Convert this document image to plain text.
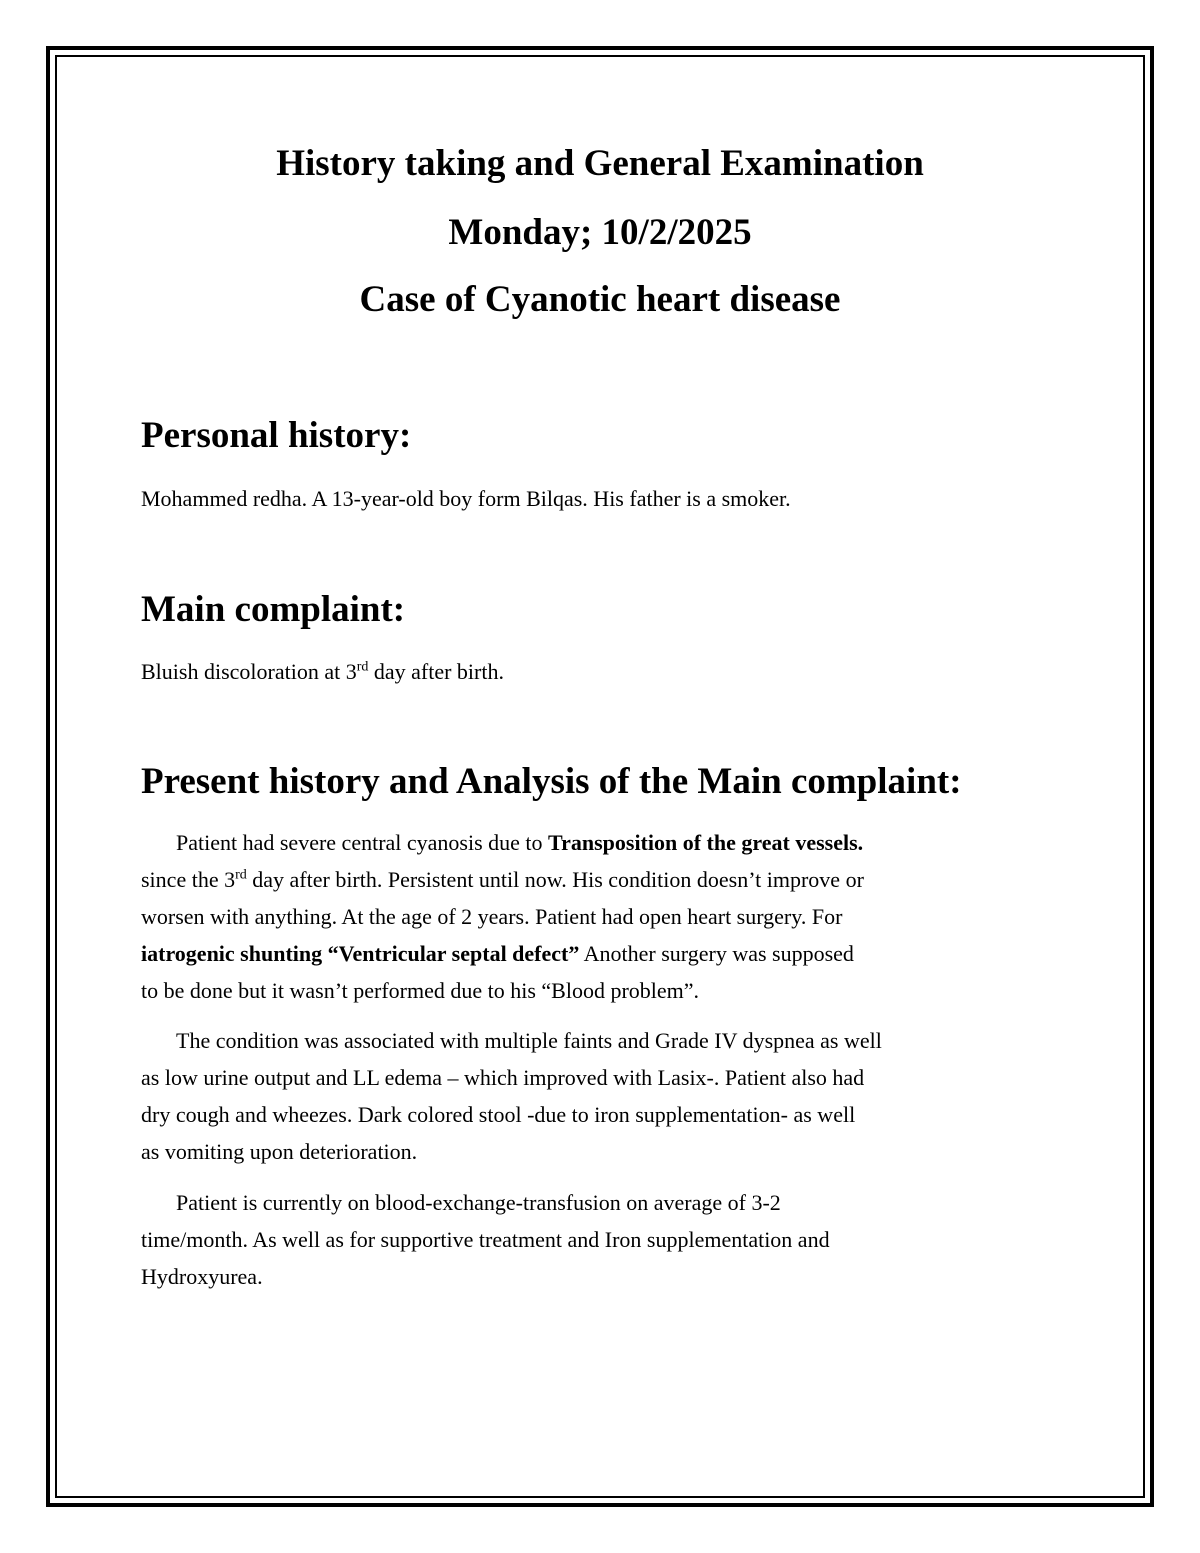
History taking and General Examination
Monday; 10/2/2025
Case of Cyanotic heart disease
Personal history:
Mohammed redha. A 13-year-old boy form Bilqas. His father is a smoker.
Main complaint:
Bluish discoloration at 3rd day after birth.
Present history and Analysis of the Main complaint:
Patient had severe central cyanosis due to Transposition of the great vessels.
since the 3rd day after birth. Persistent until now. His condition doesn’t improve or
worsen with anything. At the age of 2 years. Patient had open heart surgery. For
iatrogenic shunting “Ventricular septal defect” Another surgery was supposed
to be done but it wasn’t performed due to his “Blood problem”.
The condition was associated with multiple faints and Grade IV dyspnea as well
as low urine output and LL edema – which improved with Lasix-. Patient also had
dry cough and wheezes. Dark colored stool -due to iron supplementation- as well
as vomiting upon deterioration.
Patient is currently on blood-exchange-transfusion on average of 3-2
time/month. As well as for supportive treatment and Iron supplementation and
Hydroxyurea.
